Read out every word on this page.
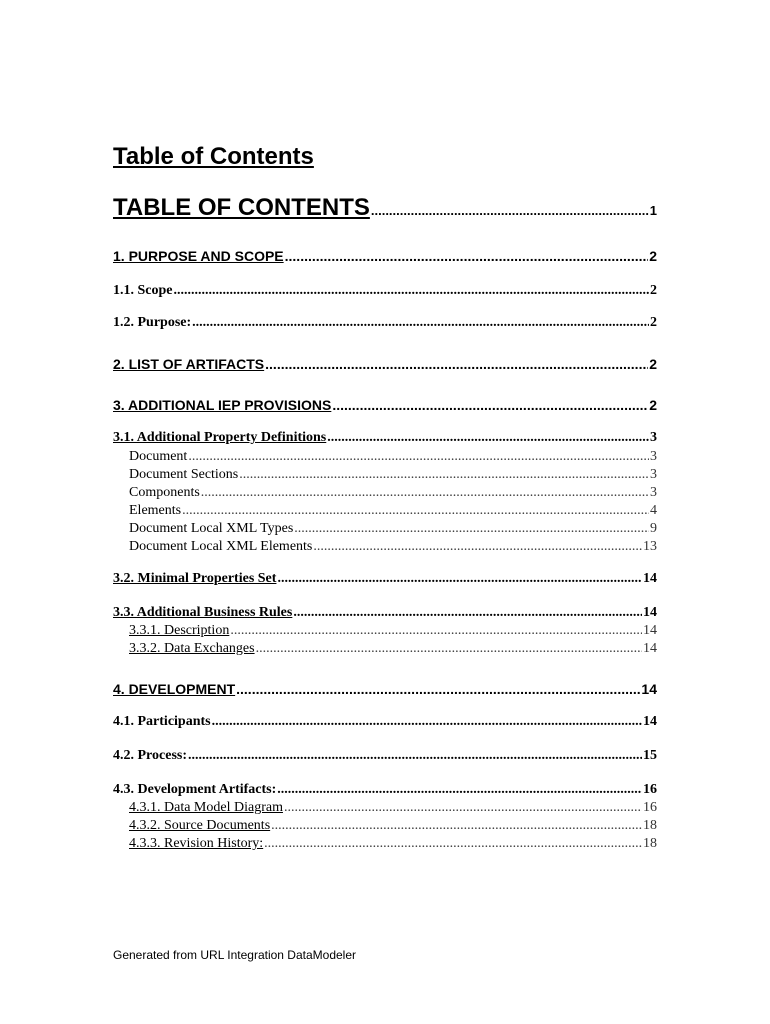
Table of Contents
TABLE OF CONTENTS .....	1
1. PURPOSE AND SCOPE .....	2
1.1. Scope .....	2
1.2. Purpose: .....	2
2. LIST OF ARTIFACTS .....	2
3. ADDITIONAL IEP PROVISIONS .....	2
3.1. Additional Property Definitions .....	3
Document .....	3
Document Sections .....	3
Components .....	3
Elements .....	4
Document Local XML Types .....	9
Document Local XML Elements .....	13
3.2. Minimal Properties Set .....	14
3.3. Additional Business Rules .....	14
3.3.1. Description .....	14
3.3.2. Data Exchanges .....	14
4. DEVELOPMENT .....	14
4.1. Participants .....	14
4.2. Process: .....	15
4.3. Development Artifacts: .....	16
4.3.1. Data Model Diagram .....	16
4.3.2. Source Documents .....	18
4.3.3. Revision History: .....	18
Generated from URL Integration DataModeler
